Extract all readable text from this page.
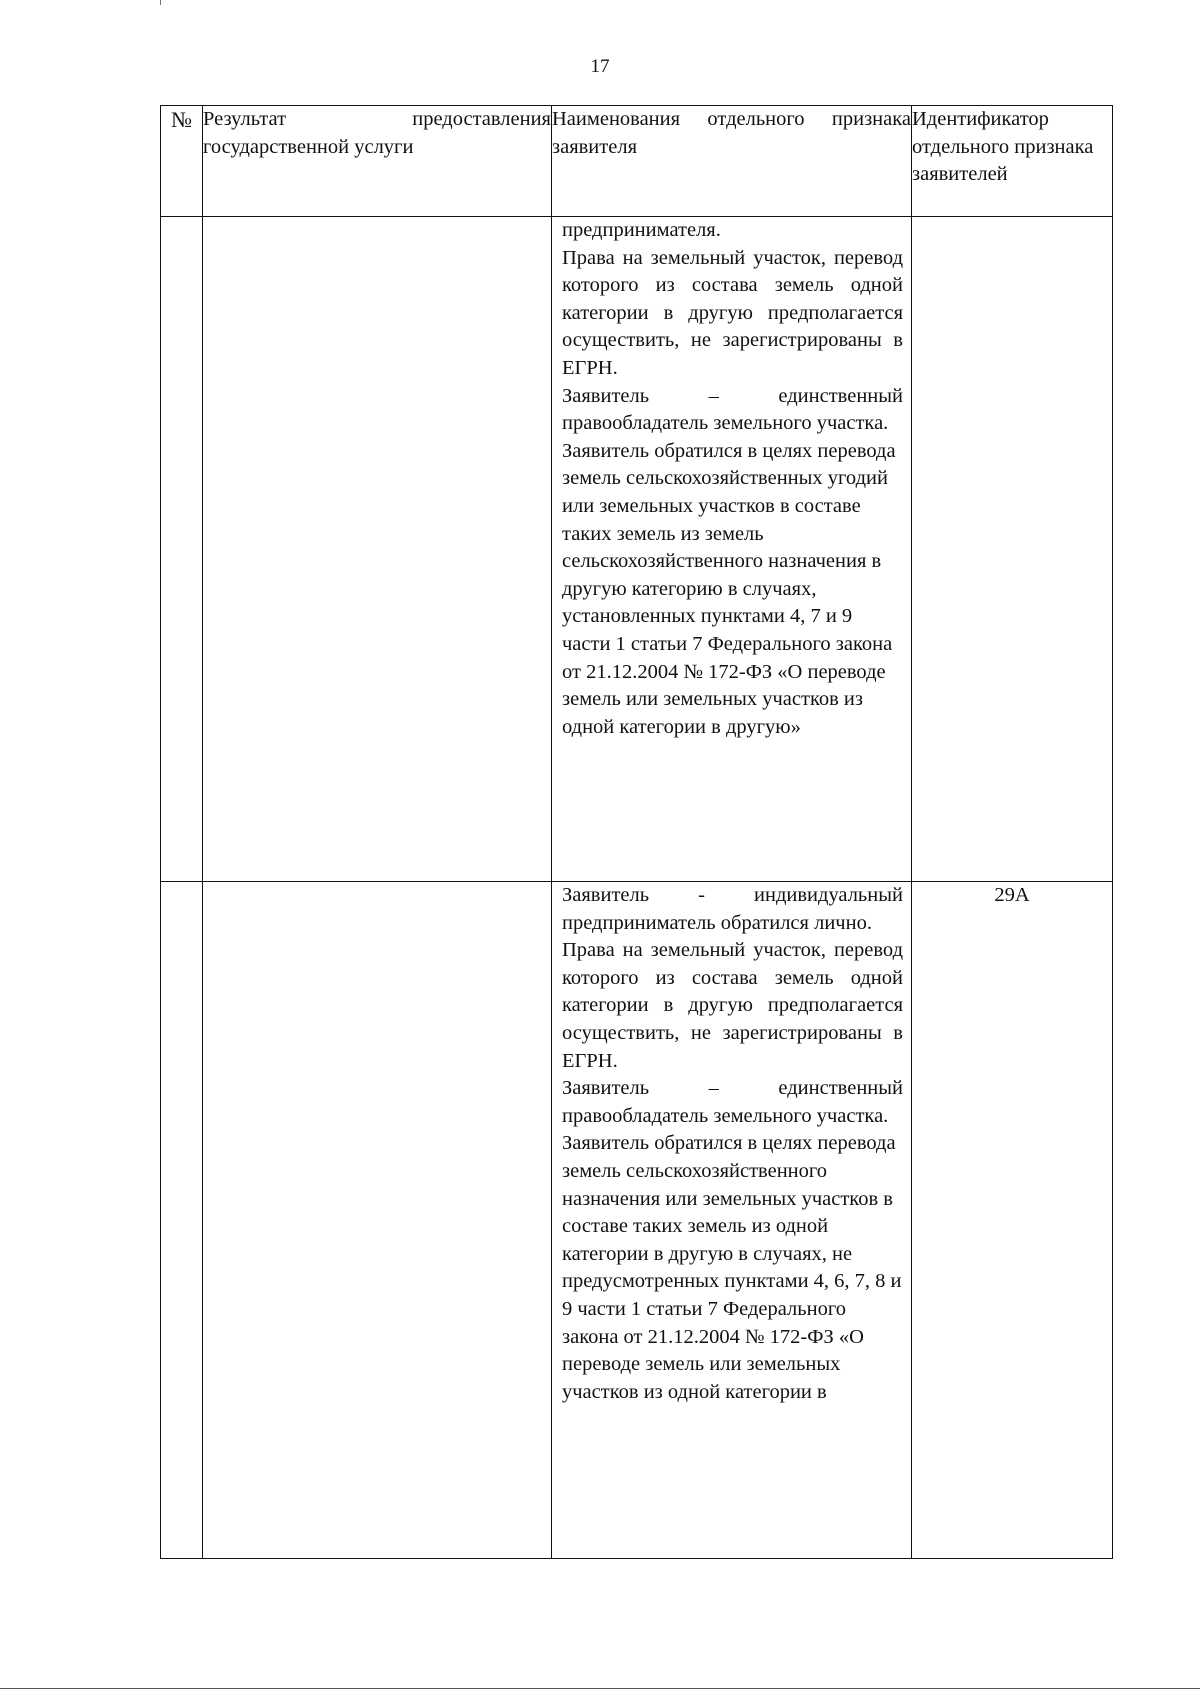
17
№	Результат предоставления государственной услуги	Наименования отдельного признака заявителя	Идентификатор отдельного признака заявителей

		предпринимателя.

Права на земельный участок, перевод которого из состава земель одной категории в другую предполагается осуществить, не зарегистрированы в ЕГРН.

Заявитель – единственный правообладатель земельного участка.

Заявитель обратился в целях перевода земель сельскохозяйственных угодий или земельных участков в составе таких земель из земель сельскохозяйственного назначения в другую категорию в случаях, установленных пунктами 4, 7 и 9 части 1 статьи 7 Федерального закона от 21.12.2004 № 172-ФЗ «О переводе земель или земельных участков из одной категории в другую»	

		Заявитель - индивидуальный предприниматель обратился лично.

Права на земельный участок, перевод которого из состава земель одной категории в другую предполагается осуществить, не зарегистрированы в ЕГРН.

Заявитель – единственный правообладатель земельного участка.

Заявитель обратился в целях перевода земель сельскохозяйственного назначения или земельных участков в составе таких земель из одной категории в другую в случаях, не предусмотренных пунктами 4, 6, 7, 8 и 9 части 1 статьи 7 Федерального закона от 21.12.2004 № 172-ФЗ «О переводе земель или земельных участков из одной категории в	29А
